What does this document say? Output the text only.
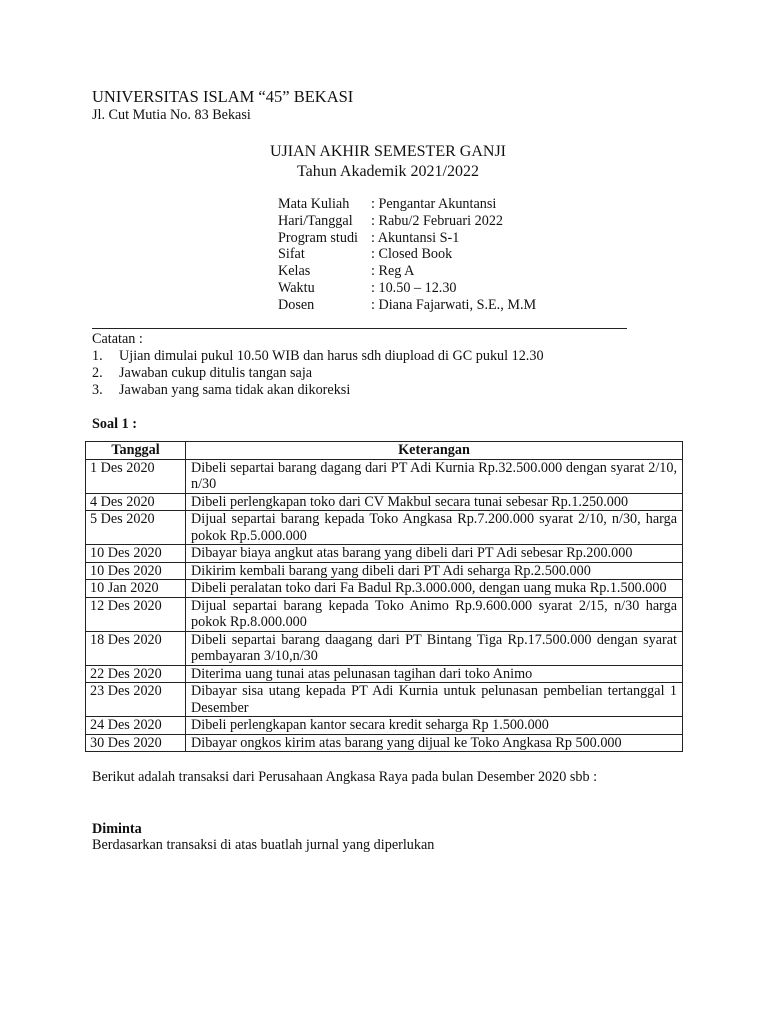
UNIVERSITAS ISLAM “45” BEKASI
Jl. Cut Mutia No. 83 Bekasi
UJIAN AKHIR SEMESTER GANJI
Tahun Akademik 2021/2022
Mata Kuliah	: Pengantar Akuntansi
Hari/Tanggal	: Rabu/2 Februari 2022
Program studi : Akuntansi S-1
Sifat	: Closed Book
Kelas	: Reg A
Waktu	: 10.50 – 12.30
Dosen	: Diana Fajarwati, S.E., M.M
Catatan :
1.	Ujian dimulai pukul 10.50 WIB dan harus sdh diupload di GC pukul 12.30
2.	Jawaban cukup ditulis tangan saja
3.	Jawaban yang sama tidak akan dikoreksi
Soal 1 :
Tanggal	Keterangan
1 Des 2020	Dibeli separtai barang dagang dari PT Adi Kurnia Rp.32.500.000 dengan syarat 2/10, n/30
4 Des 2020	Dibeli perlengkapan toko dari CV Makbul secara tunai sebesar Rp.1.250.000
5 Des 2020	Dijual separtai barang kepada Toko Angkasa Rp.7.200.000 syarat 2/10, n/30, harga pokok Rp.5.000.000
10 Des 2020	Dibayar biaya angkut atas barang yang dibeli dari PT Adi sebesar Rp.200.000
10 Des 2020	Dikirim kembali barang yang dibeli dari PT Adi seharga Rp.2.500.000
10 Jan 2020	Dibeli peralatan toko dari Fa Badul Rp.3.000.000, dengan uang muka Rp.1.500.000
12 Des 2020	Dijual separtai barang kepada Toko Animo Rp.9.600.000 syarat 2/15, n/30 harga pokok Rp.8.000.000
18 Des 2020	Dibeli separtai barang daagang dari PT Bintang Tiga Rp.17.500.000 dengan syarat pembayaran 3/10,n/30
22 Des 2020	Diterima uang tunai atas pelunasan tagihan dari toko Animo
23 Des 2020	Dibayar sisa utang kepada PT Adi Kurnia untuk pelunasan pembelian tertanggal 1 Desember
24 Des 2020	Dibeli perlengkapan kantor secara kredit seharga Rp 1.500.000
30 Des 2020	Dibayar ongkos kirim atas barang yang dijual ke Toko Angkasa Rp 500.000
Berikut adalah transaksi dari Perusahaan Angkasa Raya pada bulan Desember 2020 sbb :
Diminta
Berdasarkan transaksi di atas buatlah jurnal yang diperlukan
